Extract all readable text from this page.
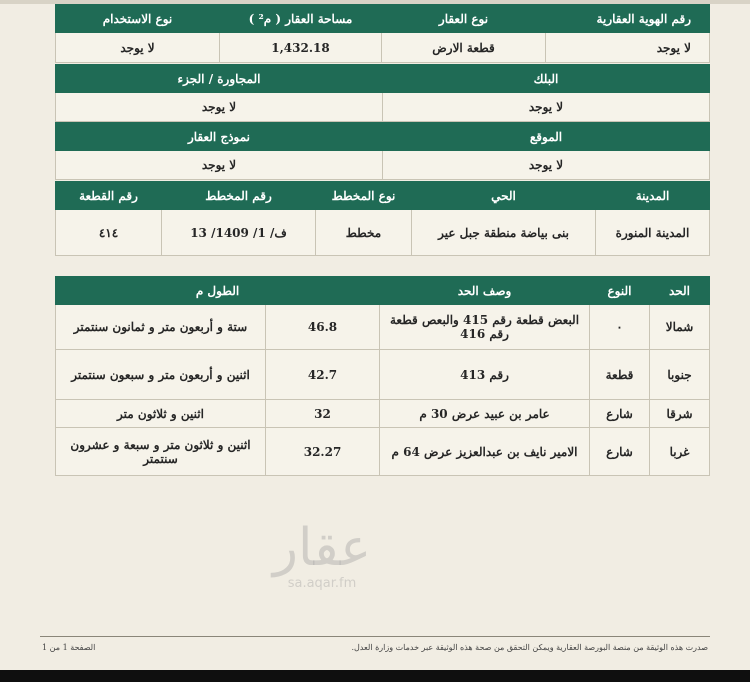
رقم الهوية العقارية	نوع العقار	مساحة العقار ( م² )	نوع الاستخدام
لا يوجد	قطعة الارض	1,432.18	لا يوجد
البلك	المجاورة / الجزء
لا يوجد	لا يوجد
الموقع	نموذج العقار
لا يوجد	لا يوجد
المدينة	الحي	نوع المخطط	رقم المخطط	رقم القطعة
المدينة المنورة	بنى بياضة منطقة جبل عير	مخطط	ف/ 1/ 1409/ 13	٤١٤
الحد	النوع	وصف الحد	الطول م	
شمالا	٠	البعض قطعة رقم 415 والبعص قطعة رقم 416	46.8	ستة و أربعون متر و ثمانون سنتمتر
جنوبا	قطعة	رقم 413	42.7	اثنين و أربعون متر و سبعون سنتمتر
شرقا	شارع	عامر بن عبيد عرض 30 م	32	اثنين و ثلاثون متر
غربا	شارع	الامير نايف بن عبدالعزيز عرض 64 م	32.27	اثنين و ثلاثون متر و سبعة و عشرون سنتمتر
عقار
sa.aqar.fm
صدرت هذه الوثيقة من منصة البورصة العقارية ويمكن التحقق من صحة هذه الوثيقة عبر خدمات وزارة العدل.
الصفحة 1 من 1
